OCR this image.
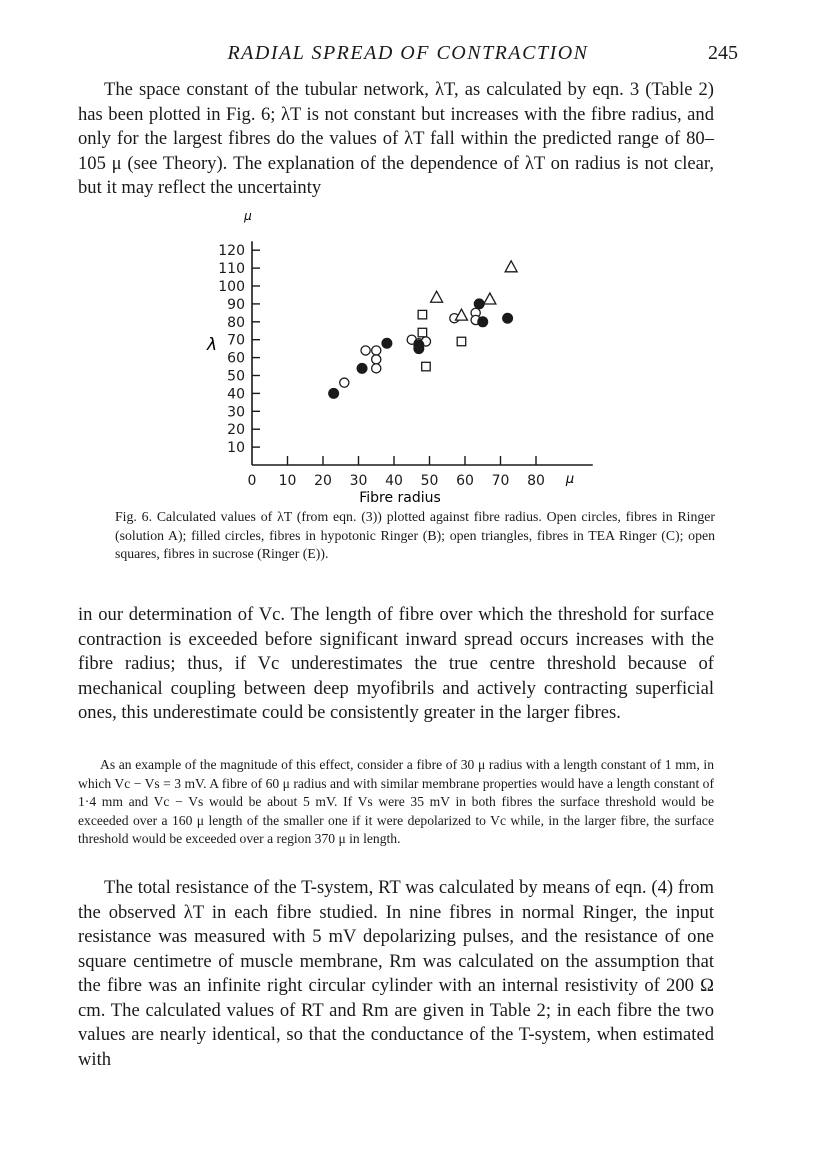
RADIAL SPREAD OF CONTRACTION	245

The space constant of the tubular network, λT, as calculated by eqn. 3 (Table 2) has been plotted in Fig. 6; λT is not constant but increases with the fibre radius, and only for the largest fibres do the values of λT fall within the predicted range of 80–105 μ (see Theory). The explanation of the dependence of λT on radius is not clear, but it may reflect the uncertainty

10
20
30
40
50
60
70
80
90
100
110
120
0 10 20 30 40 50 60 70 80
λ
μ
Fibre radius
μ
Fig. 6. Calculated values of λT (from eqn. (3)) plotted against fibre radius. Open circles, fibres in Ringer (solution A); filled circles, fibres in hypotonic Ringer (B); open triangles, fibres in TEA Ringer (C); open squares, fibres in sucrose (Ringer (E)).

in our determination of Vc. The length of fibre over which the threshold for surface contraction is exceeded before significant inward spread occurs increases with the fibre radius; thus, if Vc underestimates the true centre threshold because of mechanical coupling between deep myofibrils and actively contracting superficial ones, this underestimate could be consistently greater in the larger fibres.

As an example of the magnitude of this effect, consider a fibre of 30 μ radius with a length constant of 1 mm, in which Vc − Vs = 3 mV. A fibre of 60 μ radius and with similar membrane properties would have a length constant of 1·4 mm and Vc − Vs would be about 5 mV. If Vs were 35 mV in both fibres the surface threshold would be exceeded over a 160 μ length of the smaller one if it were depolarized to Vc while, in the larger fibre, the surface threshold would be exceeded over a region 370 μ in length.

The total resistance of the T-system, RT was calculated by means of eqn. (4) from the observed λT in each fibre studied. In nine fibres in normal Ringer, the input resistance was measured with 5 mV depolarizing pulses, and the resistance of one square centimetre of muscle membrane, Rm was calculated on the assumption that the fibre was an infinite right circular cylinder with an internal resistivity of 200 Ω cm. The calculated values of RT and Rm are given in Table 2; in each fibre the two values are nearly identical, so that the conductance of the T-system, when estimated with
